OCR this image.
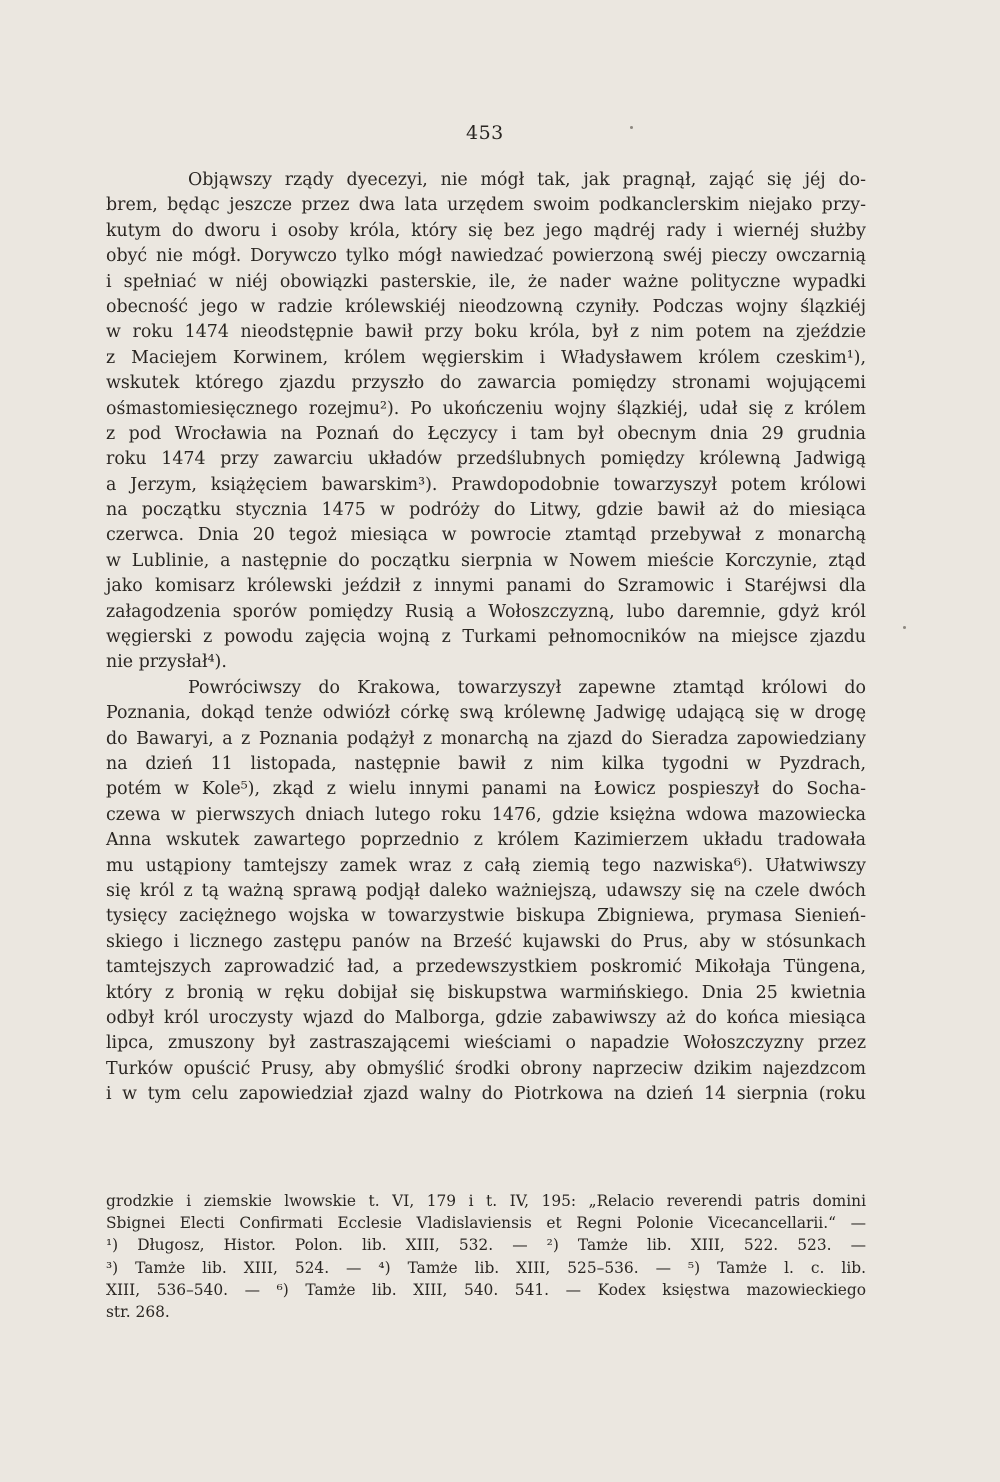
453

Objąwszy rządy dyecezyi, nie mógł tak, jak pragnął, zająć się jéj do-

brem, będąc jeszcze przez dwa lata urzędem swoim podkanclerskim niejako przy-

kutym do dworu i osoby króla, który się bez jego mądréj rady i wiernéj służby

obyć nie mógł. Dorywczo tylko mógł nawiedzać powierzoną swéj pieczy owczarnią

i spełniać w niéj obowiązki pasterskie, ile, że nader ważne polityczne wypadki

obecność jego w radzie królewskiéj nieodzowną czyniły. Podczas wojny ślązkiéj

w roku 1474 nieodstępnie bawił przy boku króla, był z nim potem na zjeździe

z Maciejem Korwinem, królem węgierskim i Władysławem królem czeskim¹),

wskutek którego zjazdu przyszło do zawarcia pomiędzy stronami wojującemi

ośmastomiesięcznego rozejmu²). Po ukończeniu wojny ślązkiéj, udał się z królem

z pod Wrocławia na Poznań do Łęczycy i tam był obecnym dnia 29 grudnia

roku 1474 przy zawarciu układów przedślubnych pomiędzy królewną Jadwigą

a Jerzym, książęciem bawarskim³). Prawdopodobnie towarzyszył potem królowi

na początku stycznia 1475 w podróży do Litwy, gdzie bawił aż do miesiąca

czerwca. Dnia 20 tegoż miesiąca w powrocie ztamtąd przebywał z monarchą

w Lublinie, a następnie do początku sierpnia w Nowem mieście Korczynie, ztąd

jako komisarz królewski jeździł z innymi panami do Szramowic i Staréjwsi dla

załagodzenia sporów pomiędzy Rusią a Wołoszczyzną, lubo daremnie, gdyż król

węgierski z powodu zajęcia wojną z Turkami pełnomocników na miejsce zjazdu

nie przysłał⁴).

Powróciwszy do Krakowa, towarzyszył zapewne ztamtąd królowi do

Poznania, dokąd tenże odwiózł córkę swą królewnę Jadwigę udającą się w drogę

do Bawaryi, a z Poznania podążył z monarchą na zjazd do Sieradza zapowiedziany

na dzień 11 listopada, następnie bawił z nim kilka tygodni w Pyzdrach,

potém w Kole⁵), zkąd z wielu innymi panami na Łowicz pospieszył do Socha-

czewa w pierwszych dniach lutego roku 1476, gdzie księżna wdowa mazowiecka

Anna wskutek zawartego poprzednio z królem Kazimierzem układu tradowała

mu ustąpiony tamtejszy zamek wraz z całą ziemią tego nazwiska⁶). Ułatwiwszy

się król z tą ważną sprawą podjął daleko ważniejszą, udawszy się na czele dwóch

tysięcy zaciężnego wojska w towarzystwie biskupa Zbigniewa, prymasa Sienień-

skiego i licznego zastępu panów na Brześć kujawski do Prus, aby w stósunkach

tamtejszych zaprowadzić ład, a przedewszystkiem poskromić Mikołaja Tüngena,

który z bronią w ręku dobijał się biskupstwa warmińskiego. Dnia 25 kwietnia

odbył król uroczysty wjazd do Malborga, gdzie zabawiwszy aż do końca miesiąca

lipca, zmuszony był zastraszającemi wieściami o napadzie Wołoszczyzny przez

Turków opuścić Prusy, aby obmyślić środki obrony naprzeciw dzikim najezdzcom

i w tym celu zapowiedział zjazd walny do Piotrkowa na dzień 14 sierpnia (roku

grodzkie i ziemskie lwowskie t. VI, 179 i t. IV, 195: „Relacio reverendi patris domini

Sbignei Electi Confirmati Ecclesie Vladislaviensis et Regni Polonie Vicecancellarii.“ —

¹) Długosz, Histor. Polon. lib. XIII, 532. — ²) Tamże lib. XIII, 522. 523. —

³) Tamże lib. XIII, 524. — ⁴) Tamże lib. XIII, 525–536. — ⁵) Tamże l. c. lib.

XIII, 536–540. — ⁶) Tamże lib. XIII, 540. 541. — Kodex księstwa mazowieckiego

str. 268.
